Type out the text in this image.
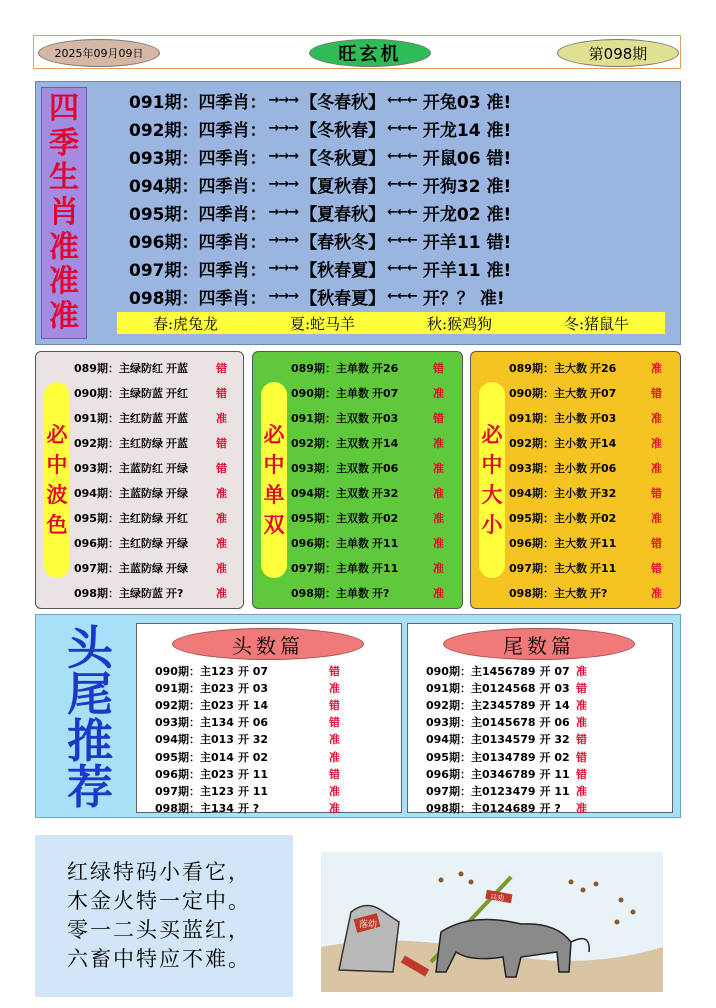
2025年09月09日	旺玄机	第098期
四
季
生
肖
准
准
准	春:虎兔龙	夏:蛇马羊	秋:猴鸡狗	冬:猪鼠牛
091期： 四季肖： →→→ 【冬春秋】 ←←← 开兔03 准!
092期： 四季肖： →→→ 【冬秋春】 ←←← 开龙14 准!
093期： 四季肖： →→→ 【冬秋夏】 ←←← 开鼠06 错!
094期： 四季肖： →→→ 【夏秋春】 ←←← 开狗32 准!
095期： 四季肖： →→→ 【夏春秋】 ←←← 开龙02 准!
096期： 四季肖： →→→ 【春秋冬】 ←←← 开羊11 错!
097期： 四季肖： →→→ 【秋春夏】 ←←← 开羊11 准!
098期： 四季肖： →→→ 【秋春夏】 ←←← 开？？ 准!
必
中
波
色
089期： 主绿防红 开蓝	错
090期： 主绿防蓝 开红	错
091期： 主红防蓝 开蓝	准
092期： 主红防绿 开蓝	错
093期： 主蓝防红 开绿	错
094期： 主蓝防绿 开绿	准
095期： 主红防绿 开红	准
096期： 主红防绿 开绿	准
097期： 主蓝防绿 开绿	准
098期： 主绿防蓝 开?	准
必
中
单
双
089期： 主单数 开26	错
090期： 主单数 开07	准
091期： 主双数 开03	错
092期： 主双数 开14	准
093期： 主双数 开06	准
094期： 主双数 开32	准
095期： 主双数 开02	准
096期： 主单数 开11	准
097期： 主单数 开11	准
098期： 主单数 开?	准
必
中
大
小
089期： 主大数 开26	准
090期： 主大数 开07	错
091期： 主小数 开03	准
092期： 主小数 开14	准
093期： 主小数 开06	准
094期： 主小数 开32	错
095期： 主小数 开02	准
096期： 主大数 开11	错
097期： 主大数 开11	错
098期： 主大数 开?	准
头
尾
推
荐
头数篇
090期： 主123 开 07	错
091期： 主023 开 03	准
092期： 主023 开 14	错
093期： 主134 开 06	错
094期： 主013 开 32	准
095期： 主014 开 02	准
096期： 主023 开 11	错
097期： 主123 开 11	准
098期： 主134 开 ?	准
尾数篇
090期： 主1456789 开 07 准
091期： 主0124568 开 03 错
092期： 主2345789 开 14 准
093期： 主0145678 开 06 准
094期： 主0134579 开 32 错
095期： 主0134789 开 02 错
096期： 主0346789 开 11 错
097期： 主0123479 开 11 准
098期： 主0124689 开 ? 准
红绿特码小看它，
木金火特一定中。
零一二头买蓝红，
六畜中特应不难。
落幼
马劝
